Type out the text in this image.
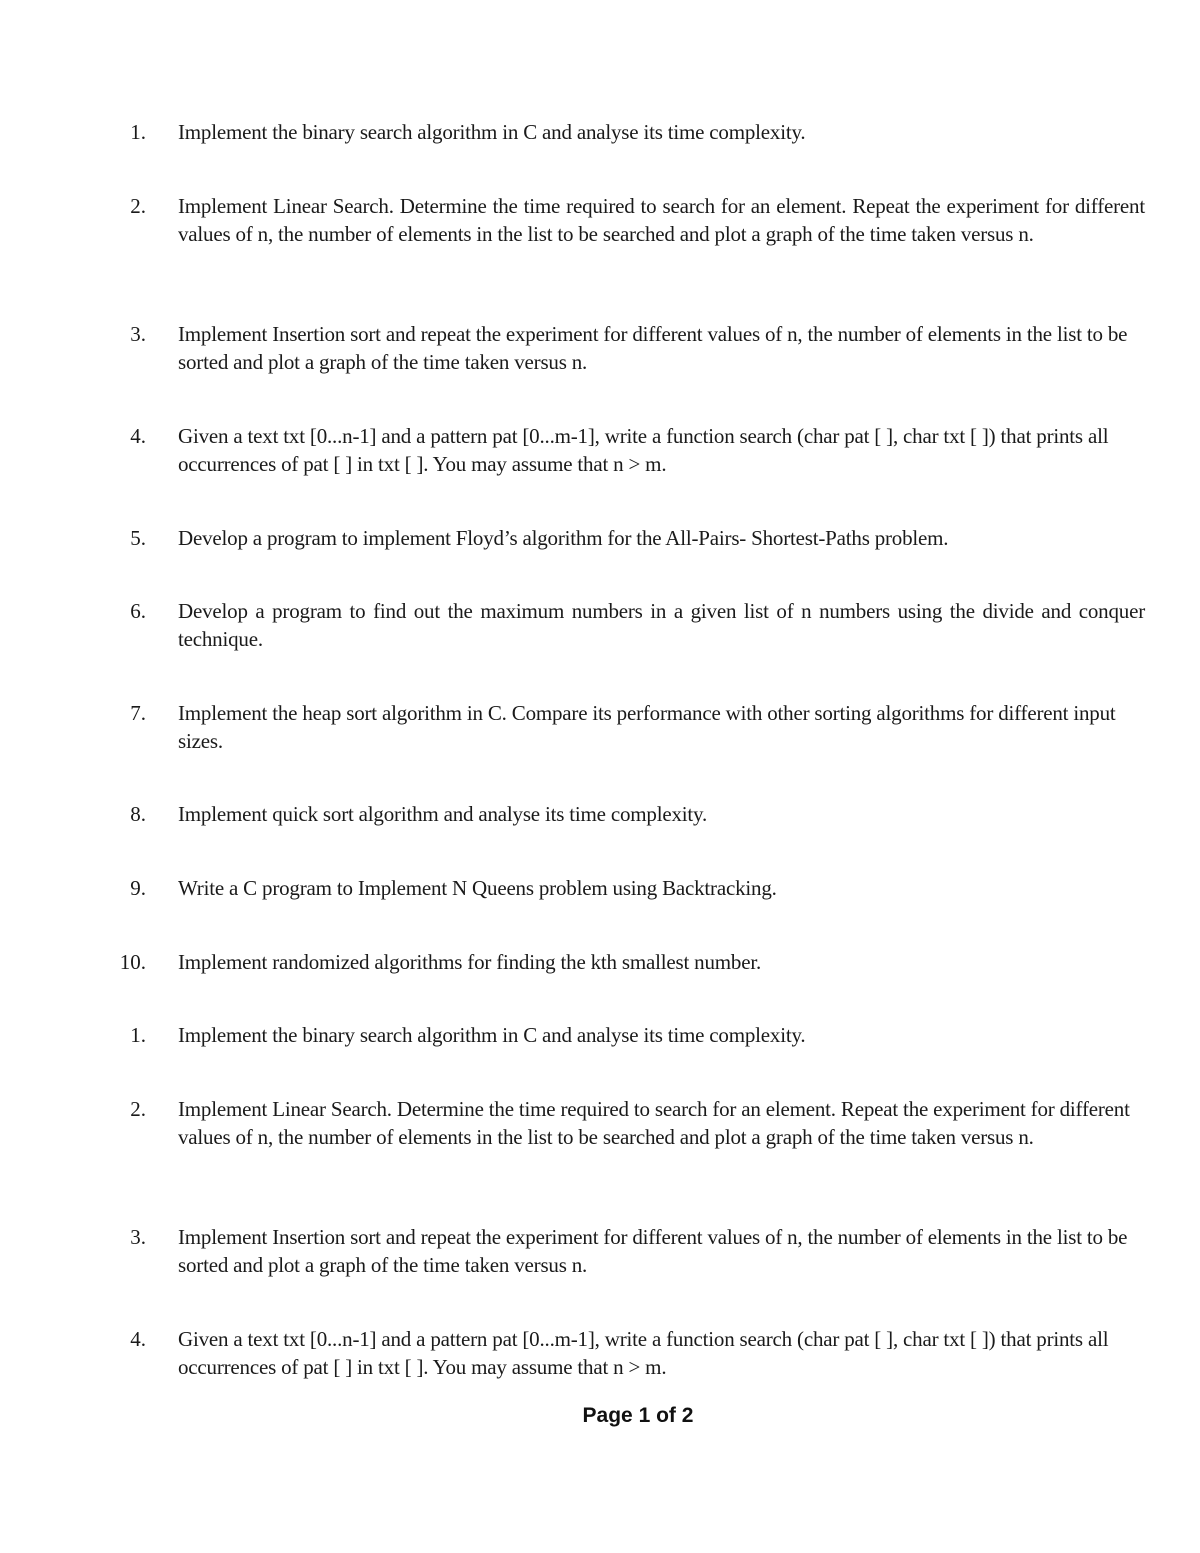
1. Implement the binary search algorithm in C and analyse its time complexity.
2. Implement Linear Search. Determine the time required to search for an element. Repeat the experiment for different values of n, the number of elements in the list to be searched and plot a graph of the time taken versus n.
3. Implement Insertion sort and repeat the experiment for different values of n, the number of elements in the list to be sorted and plot a graph of the time taken versus n.
4. Given a text txt [0...n-1] and a pattern pat [0...m-1], write a function search (char pat [ ], char txt [ ]) that prints all occurrences of pat [ ] in txt [ ]. You may assume that n > m.
5. Develop a program to implement Floyd’s algorithm for the All-Pairs- Shortest-Paths problem.
6. Develop a program to find out the maximum numbers in a given list of n numbers using the divide and conquer technique.
7. Implement the heap sort algorithm in C. Compare its performance with other sorting algorithms for different input sizes.
8. Implement quick sort algorithm and analyse its time complexity.
9. Write a C program to Implement N Queens problem using Backtracking.
10. Implement randomized algorithms for finding the kth smallest number.
1. Implement the binary search algorithm in C and analyse its time complexity.
2. Implement Linear Search. Determine the time required to search for an element. Repeat the experiment for different values of n, the number of elements in the list to be searched and plot a graph of the time taken versus n.
3. Implement Insertion sort and repeat the experiment for different values of n, the number of elements in the list to be sorted and plot a graph of the time taken versus n.
4. Given a text txt [0...n-1] and a pattern pat [0...m-1], write a function search (char pat [ ], char txt [ ]) that prints all occurrences of pat [ ] in txt [ ]. You may assume that n > m.
Page 1 of 2
